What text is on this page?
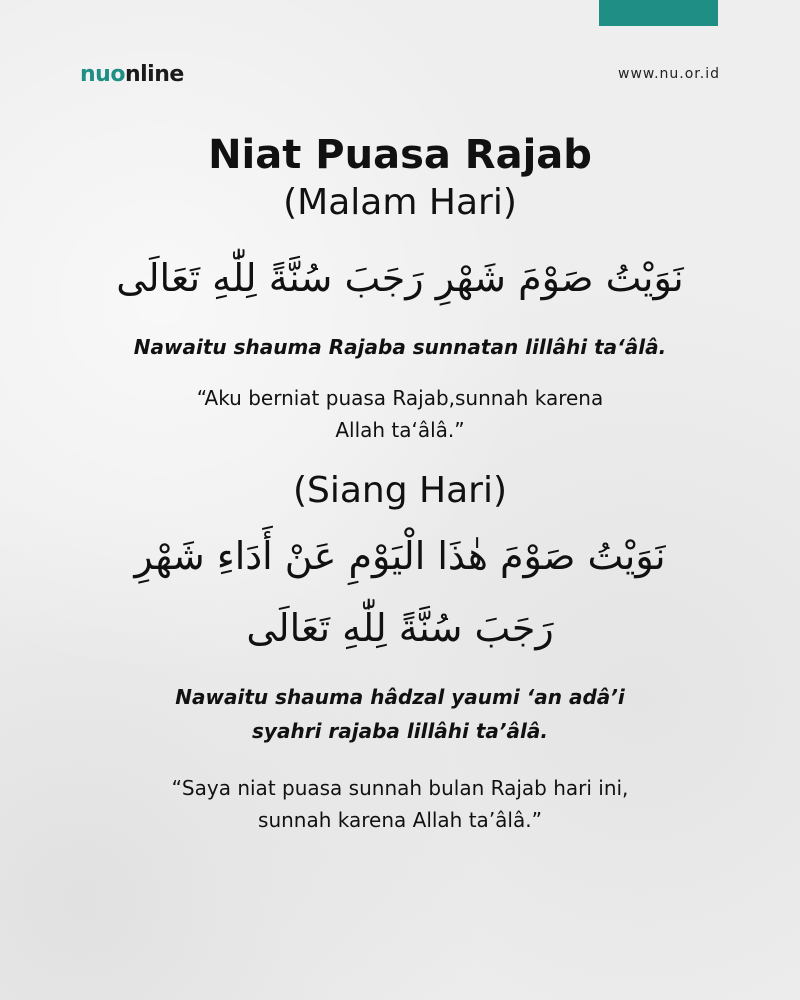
nuonline	www.nu.or.id
Niat Puasa Rajab
(Malam Hari)

نَوَيْتُ صَوْمَ شَهْرِ رَجَبَ سُنَّةً لِلّٰهِ تَعَالَى

Nawaitu shauma Rajaba sunnatan lillâhi ta‘âlâ.

“Aku berniat puasa Rajab,sunnah karena
Allah ta‘âlâ.”

(Siang Hari)

نَوَيْتُ صَوْمَ هٰذَا الْيَوْمِ عَنْ أَدَاءِ شَهْرِ
رَجَبَ سُنَّةً لِلّٰهِ تَعَالَى

Nawaitu shauma hâdzal yaumi ‘an adâ’i
syahri rajaba lillâhi ta’âlâ.

“Saya niat puasa sunnah bulan Rajab hari ini,
sunnah karena Allah ta’âlâ.”
